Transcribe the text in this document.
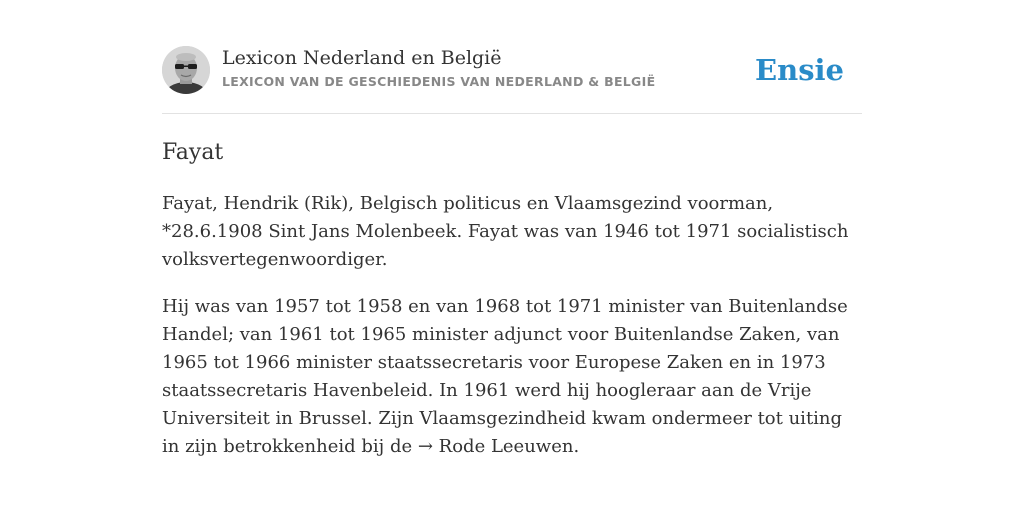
Lexicon Nederland en België
LEXICON VAN DE GESCHIEDENIS VAN NEDERLAND & BELGIË	Ensie
Fayat

Fayat, Hendrik (Rik), Belgisch politicus en Vlaamsgezind voorman, *28.6.1908 Sint Jans Molenbeek. Fayat was van 1946 tot 1971 socialistisch volksvertegenwoordiger.

Hij was van 1957 tot 1958 en van 1968 tot 1971 minister van Buitenlandse Handel; van 1961 tot 1965 minister adjunct voor Buitenlandse Zaken, van 1965 tot 1966 minister staatssecretaris voor Europese Zaken en in 1973 staatssecretaris Havenbeleid. In 1961 werd hij hoogleraar aan de Vrije Universiteit in Brussel. Zijn Vlaamsgezindheid kwam ondermeer tot uiting in zijn betrokkenheid bij de → Rode Leeuwen.
